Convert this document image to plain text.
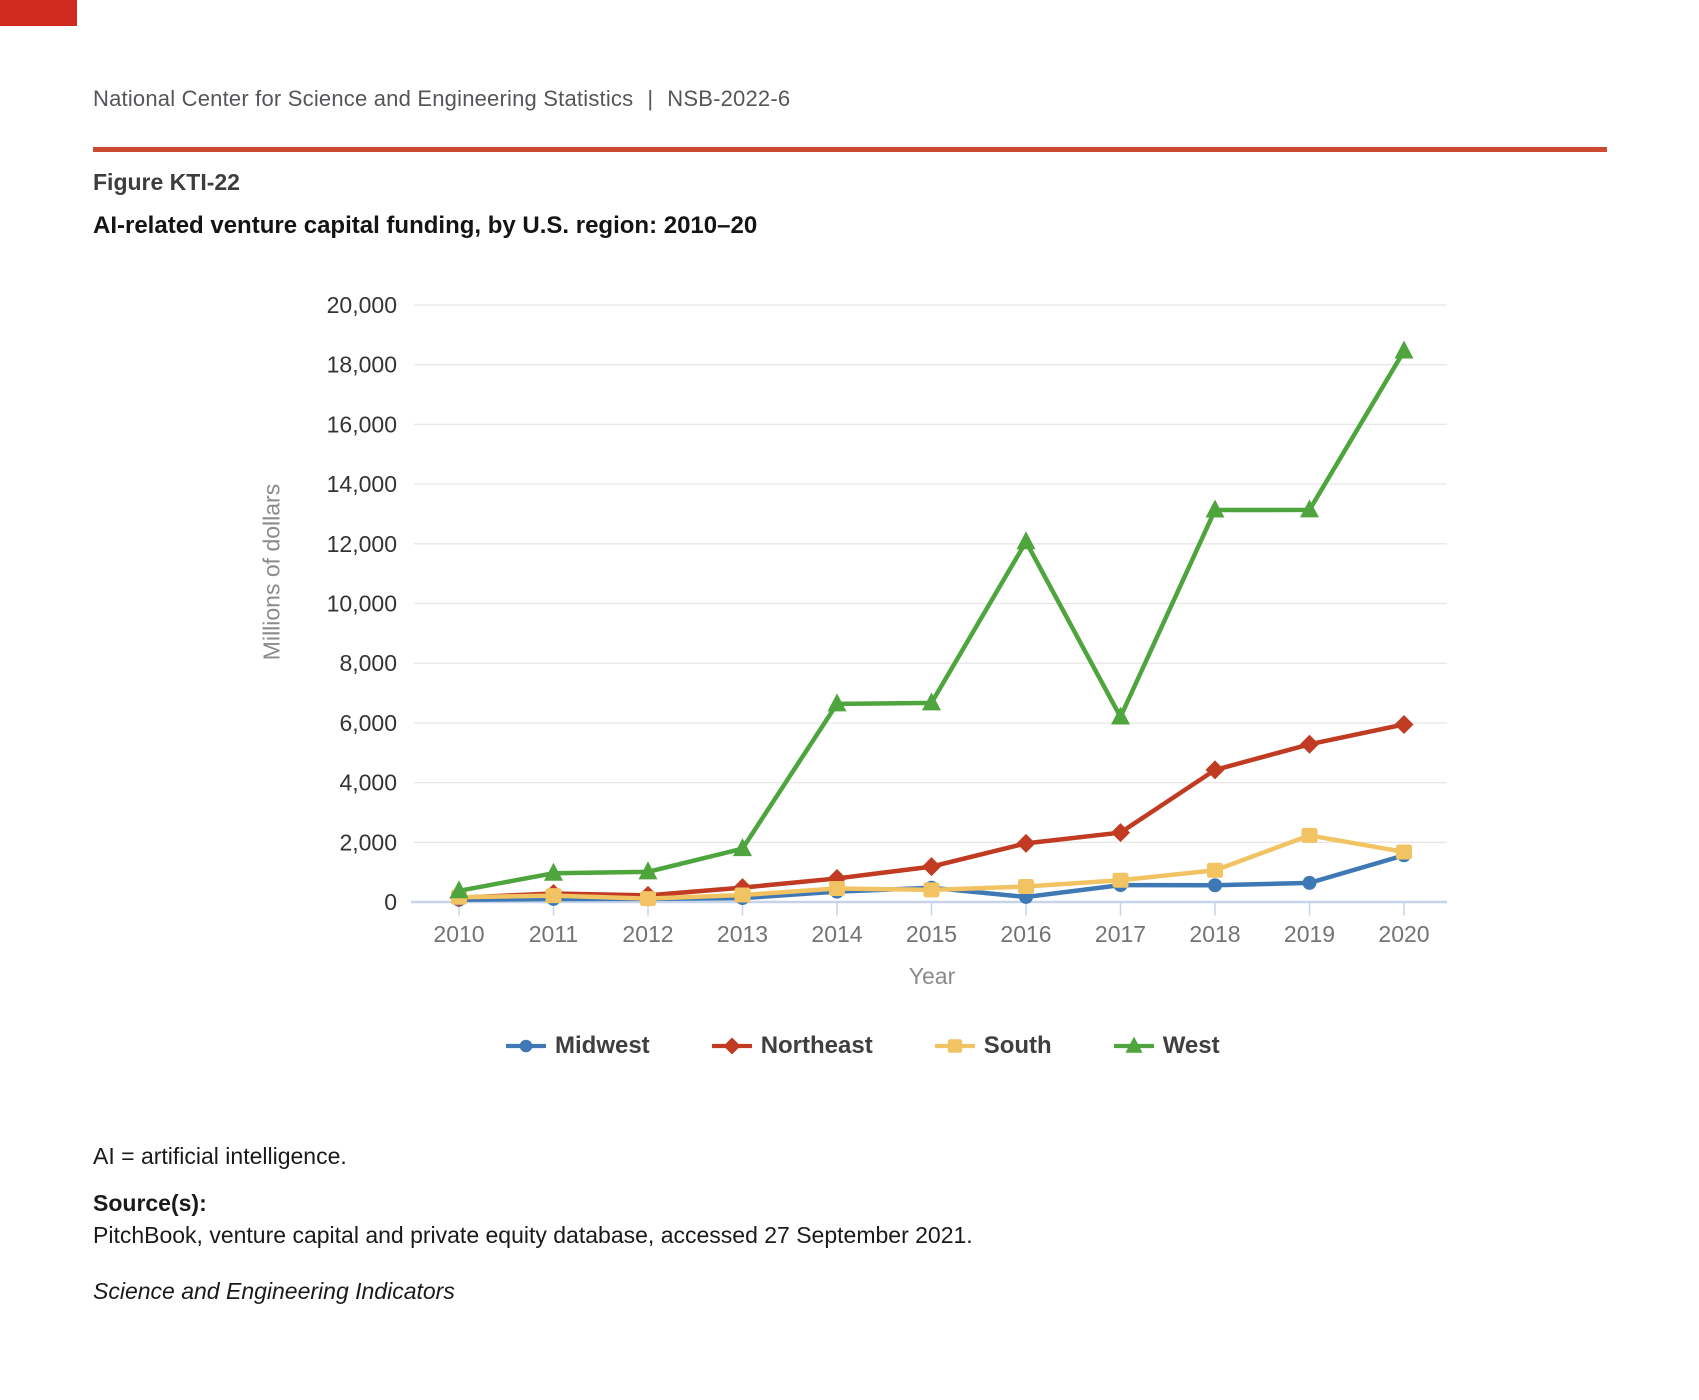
National Center for Science and Engineering Statistics | NSB-2022-6
Figure KTI-22
AI-related venture capital funding, by U.S. region: 2010–20
0
2,000
4,000
6,000
8,000
10,000
12,000
14,000
16,000
18,000
20,000
2010 2011 2012 2013 2014 2015 2016 2017 2018 2019 2020
Millions of dollars
Year
Midwest	Northeast	South	West
AI = artificial intelligence.
Source(s):
PitchBook, venture capital and private equity database, accessed 27 September 2021.
Science and Engineering Indicators
